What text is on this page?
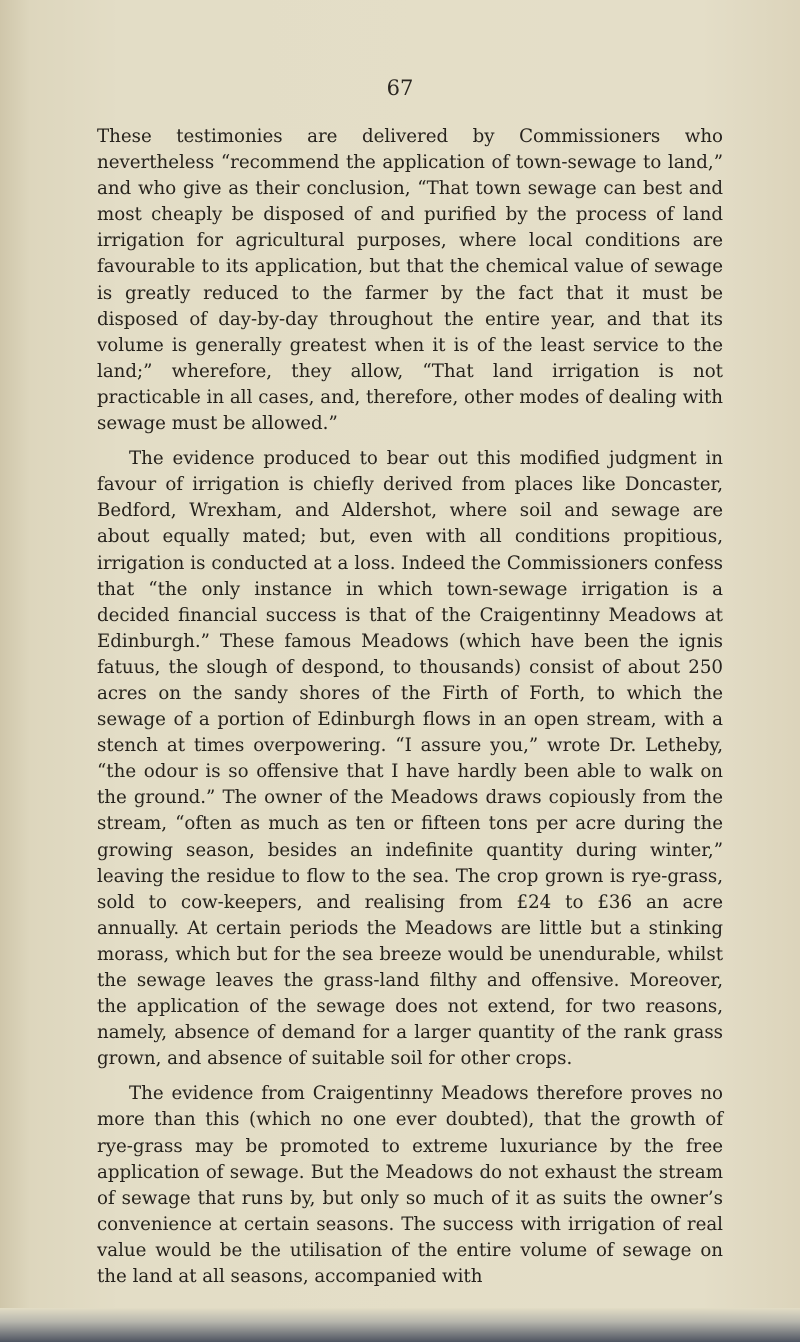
67

These testimonies are delivered by Commissioners who nevertheless “recommend the application of town-sewage to land,” and who give as their conclusion, “That town sewage can best and most cheaply be disposed of and purified by the process of land irrigation for agricultural purposes, where local conditions are favourable to its application, but that the chemical value of sewage is greatly reduced to the farmer by the fact that it must be disposed of day-by-day throughout the entire year, and that its volume is generally greatest when it is of the least service to the land;” wherefore, they allow, “That land irrigation is not practicable in all cases, and, therefore, other modes of dealing with sewage must be allowed.”

The evidence produced to bear out this modified judgment in favour of irrigation is chiefly derived from places like Doncaster, Bedford, Wrexham, and Aldershot, where soil and sewage are about equally mated; but, even with all conditions propitious, irrigation is conducted at a loss. Indeed the Commissioners confess that “the only instance in which town-sewage irrigation is a decided financial success is that of the Craigentinny Meadows at Edinburgh.” These famous Meadows (which have been the ignis fatuus, the slough of despond, to thousands) consist of about 250 acres on the sandy shores of the Firth of Forth, to which the sewage of a portion of Edinburgh flows in an open stream, with a stench at times overpowering. “I assure you,” wrote Dr. Letheby, “the odour is so offensive that I have hardly been able to walk on the ground.” The owner of the Meadows draws copiously from the stream, “often as much as ten or fifteen tons per acre during the growing season, besides an indefinite quantity during winter,” leaving the residue to flow to the sea. The crop grown is rye-grass, sold to cow-keepers, and realising from £24 to £36 an acre annually. At certain periods the Meadows are little but a stinking morass, which but for the sea breeze would be unendurable, whilst the sewage leaves the grass-land filthy and offensive. Moreover, the application of the sewage does not extend, for two reasons, namely, absence of demand for a larger quantity of the rank grass grown, and absence of suitable soil for other crops.

The evidence from Craigentinny Meadows therefore proves no more than this (which no one ever doubted), that the growth of rye-grass may be promoted to extreme luxuriance by the free application of sewage. But the Meadows do not exhaust the stream of sewage that runs by, but only so much of it as suits the owner’s convenience at certain seasons. The success with irrigation of real value would be the utilisation of the entire volume of sewage on the land at all seasons, accompanied with
